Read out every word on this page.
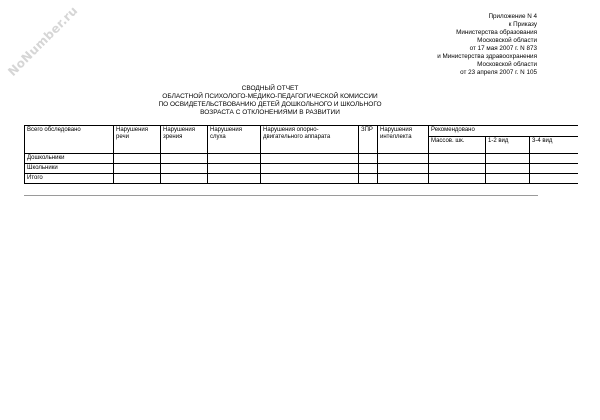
NoNumber.ru	Приложение N 4
к Приказу
Министерства образования
Московской области
от 17 мая 2007 г. N 873
и Министерства здравоохранения
Московской области
от 23 апреля 2007 г. N 105
СВОДНЫЙ ОТЧЕТ
ОБЛАСТНОЙ ПСИХОЛОГО-МЕДИКО-ПЕДАГОГИЧЕСКОЙ КОМИССИИ
ПО ОСВИДЕТЕЛЬСТВОВАНИЮ ДЕТЕЙ ДОШКОЛЬНОГО И ШКОЛЬНОГО
ВОЗРАСТА С ОТКЛОНЕНИЯМИ В РАЗВИТИИ
Всего обследовано	Нарушения речи	Нарушения зрения	Нарушения слуха	Нарушения опорно-двигательного аппарата	ЗПР	Нарушения интеллекта	Рекомендовано		
							Массов. шк.	1-2 вид	3-4 вид
Дошкольники									
Школьники									
Итого									
